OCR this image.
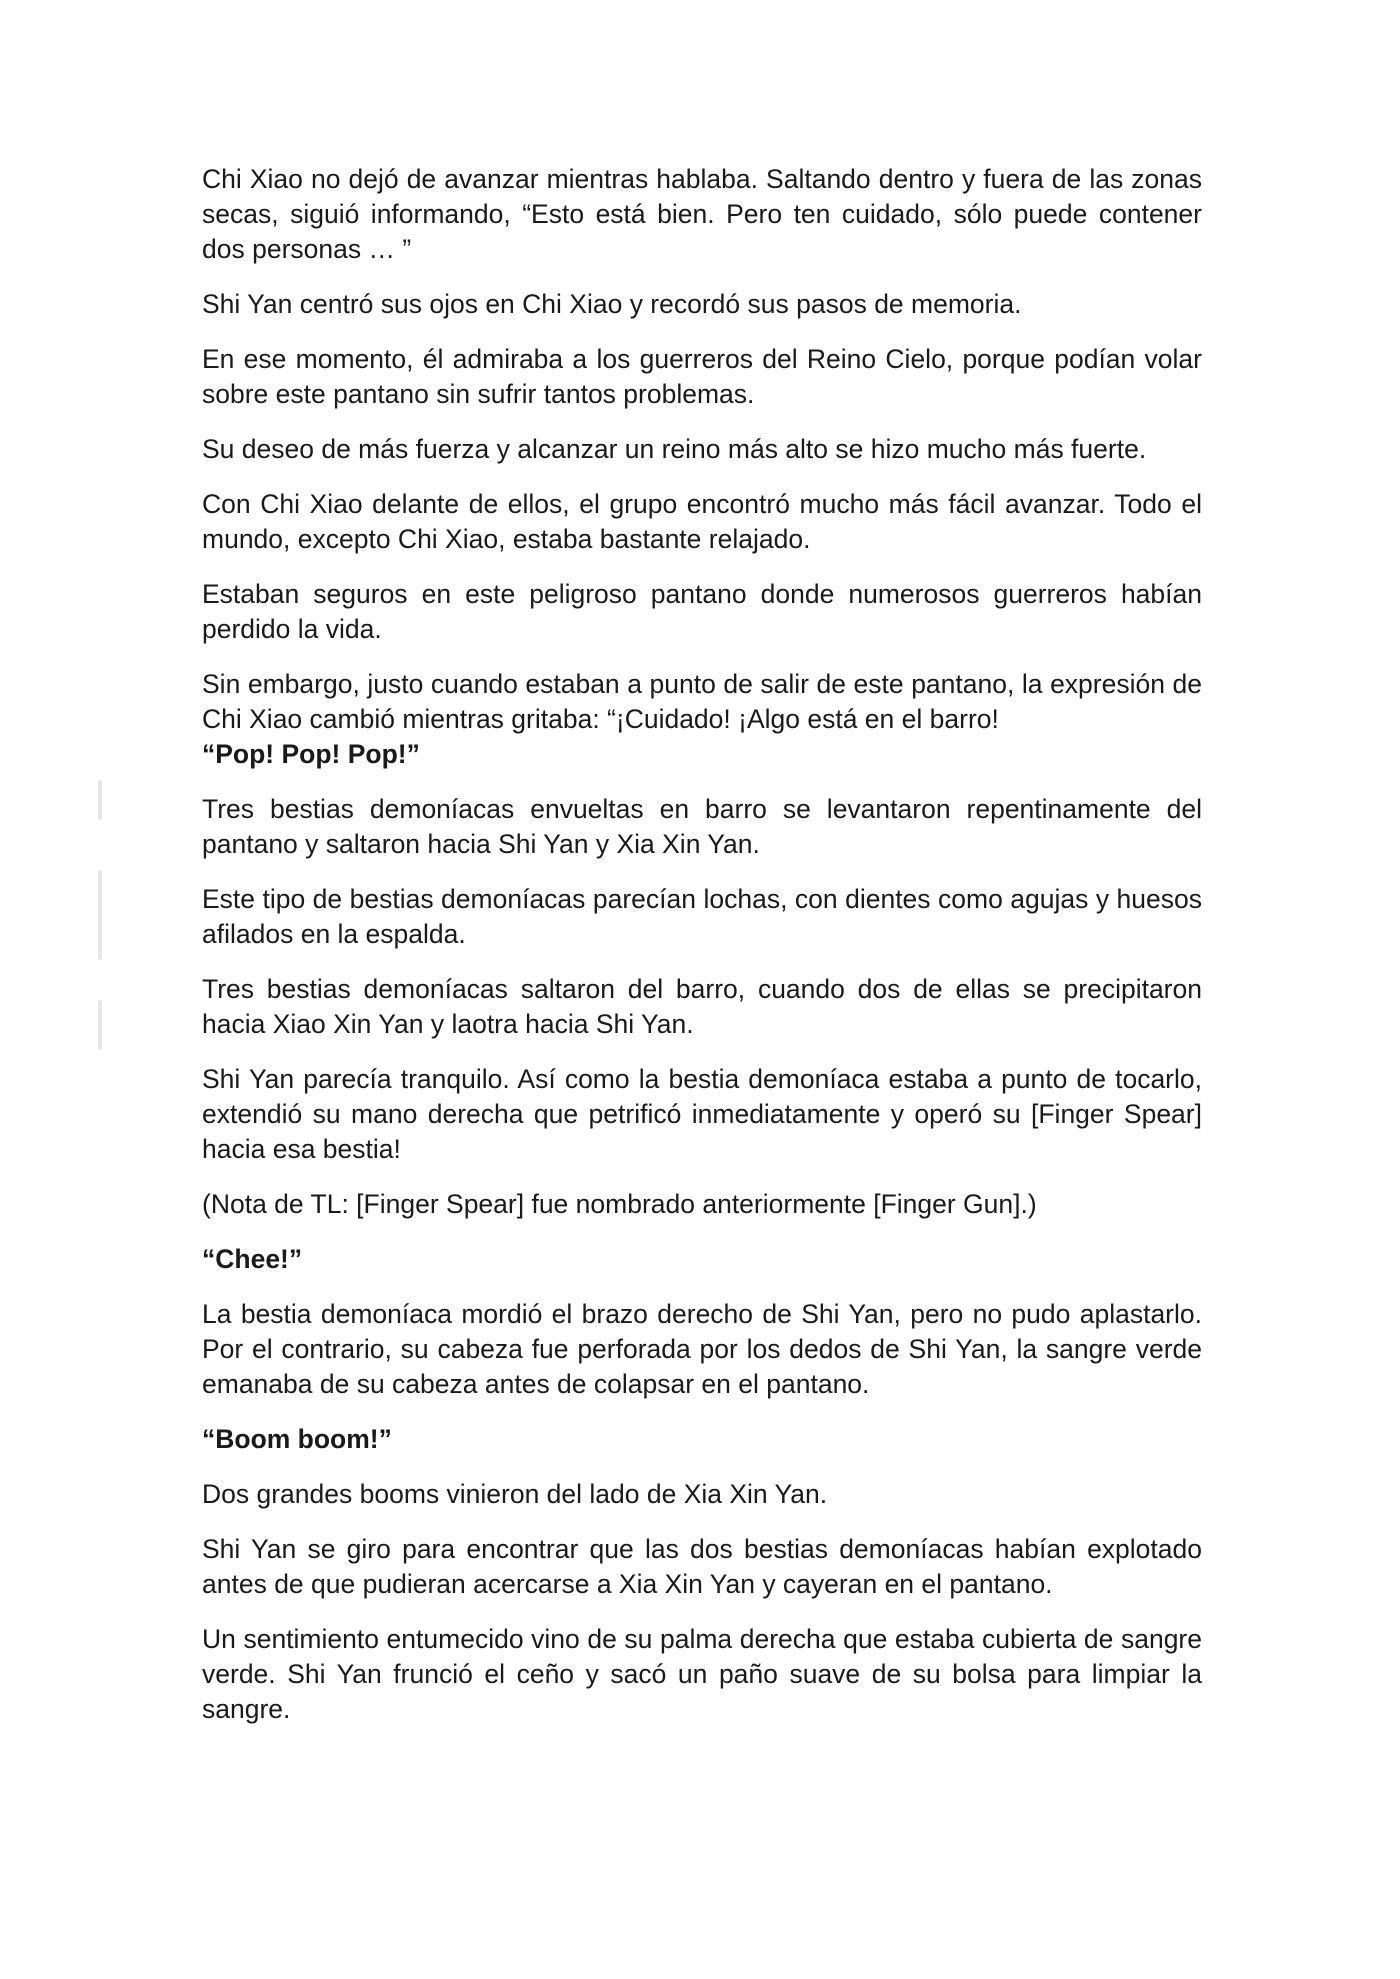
Chi Xiao no dejó de avanzar mientras hablaba. Saltando dentro y fuera de las zonas secas, siguió informando, “Esto está bien. Pero ten cuidado, sólo puede contener dos personas … ”

Shi Yan centró sus ojos en Chi Xiao y recordó sus pasos de memoria.

En ese momento, él admiraba a los guerreros del Reino Cielo, porque podían volar sobre este pantano sin sufrir tantos problemas.

Su deseo de más fuerza y alcanzar un reino más alto se hizo mucho más fuerte.

Con Chi Xiao delante de ellos, el grupo encontró mucho más fácil avanzar. Todo el mundo, excepto Chi Xiao, estaba bastante relajado.

Estaban seguros en este peligroso pantano donde numerosos guerreros habían perdido la vida.

Sin embargo, justo cuando estaban a punto de salir de este pantano, la expresión de Chi Xiao cambió mientras gritaba: “¡Cuidado! ¡Algo está en el barro!

“Pop! Pop! Pop!”

Tres bestias demoníacas envueltas en barro se levantaron repentinamente del pantano y saltaron hacia Shi Yan y Xia Xin Yan.

Este tipo de bestias demoníacas parecían lochas, con dientes como agujas y huesos afilados en la espalda.

Tres bestias demoníacas saltaron del barro, cuando dos de ellas se precipitaron hacia Xiao Xin Yan y laotra hacia Shi Yan.

Shi Yan parecía tranquilo. Así como la bestia demoníaca estaba a punto de tocarlo, extendió su mano derecha que petrificó inmediatamente y operó su [Finger Spear] hacia esa bestia!

(Nota de TL: [Finger Spear] fue nombrado anteriormente [Finger Gun].)

“Chee!”

La bestia demoníaca mordió el brazo derecho de Shi Yan, pero no pudo aplastarlo. Por el contrario, su cabeza fue perforada por los dedos de Shi Yan, la sangre verde emanaba de su cabeza antes de colapsar en el pantano.

“Boom boom!”

Dos grandes booms vinieron del lado de Xia Xin Yan.

Shi Yan se giro para encontrar que las dos bestias demoníacas habían explotado antes de que pudieran acercarse a Xia Xin Yan y cayeran en el pantano.

Un sentimiento entumecido vino de su palma derecha que estaba cubierta de sangre verde. Shi Yan frunció el ceño y sacó un paño suave de su bolsa para limpiar la sangre.
